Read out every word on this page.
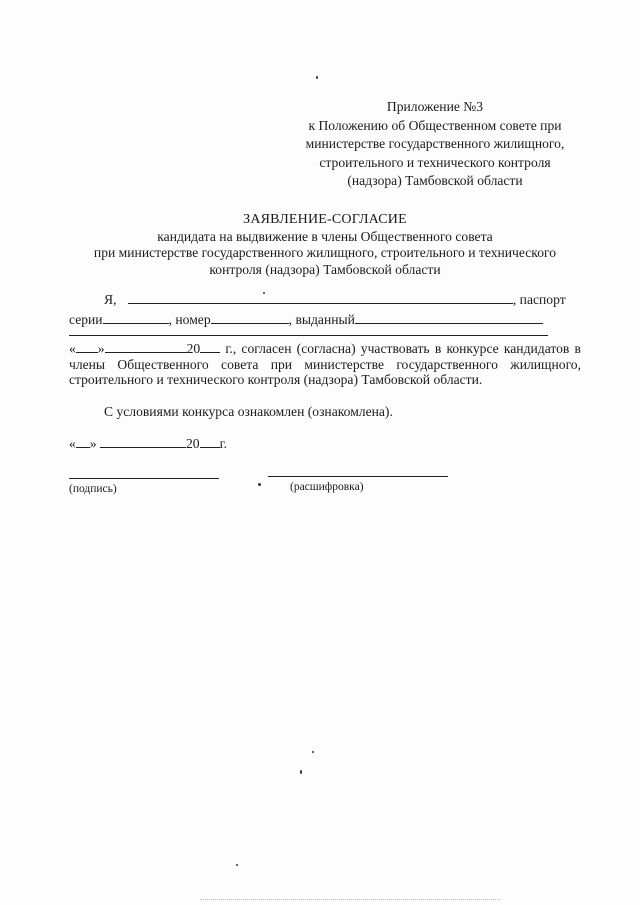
Приложение №3
к Положению об Общественном совете при
министерстве государственного жилищного,
строительного и технического контроля
(надзора) Тамбовской области
ЗАЯВЛЕНИЕ-СОГЛАСИЕ
кандидата на выдвижение в члены Общественного совета
при министерстве государственного жилищного, строительного и технического
контроля (надзора) Тамбовской области
Я,	, паспорт
серии	, номер	, выданный
« »	20 г., согласен (согласна) участвовать в конкурсе кандидатов в члены Общественного совета при министерстве государственного жилищного, строительного и технического контроля (надзора) Тамбовской области.
С условиями конкурса ознакомлен (ознакомлена).
« »	20 г.
(подпись)	(расшифровка)
